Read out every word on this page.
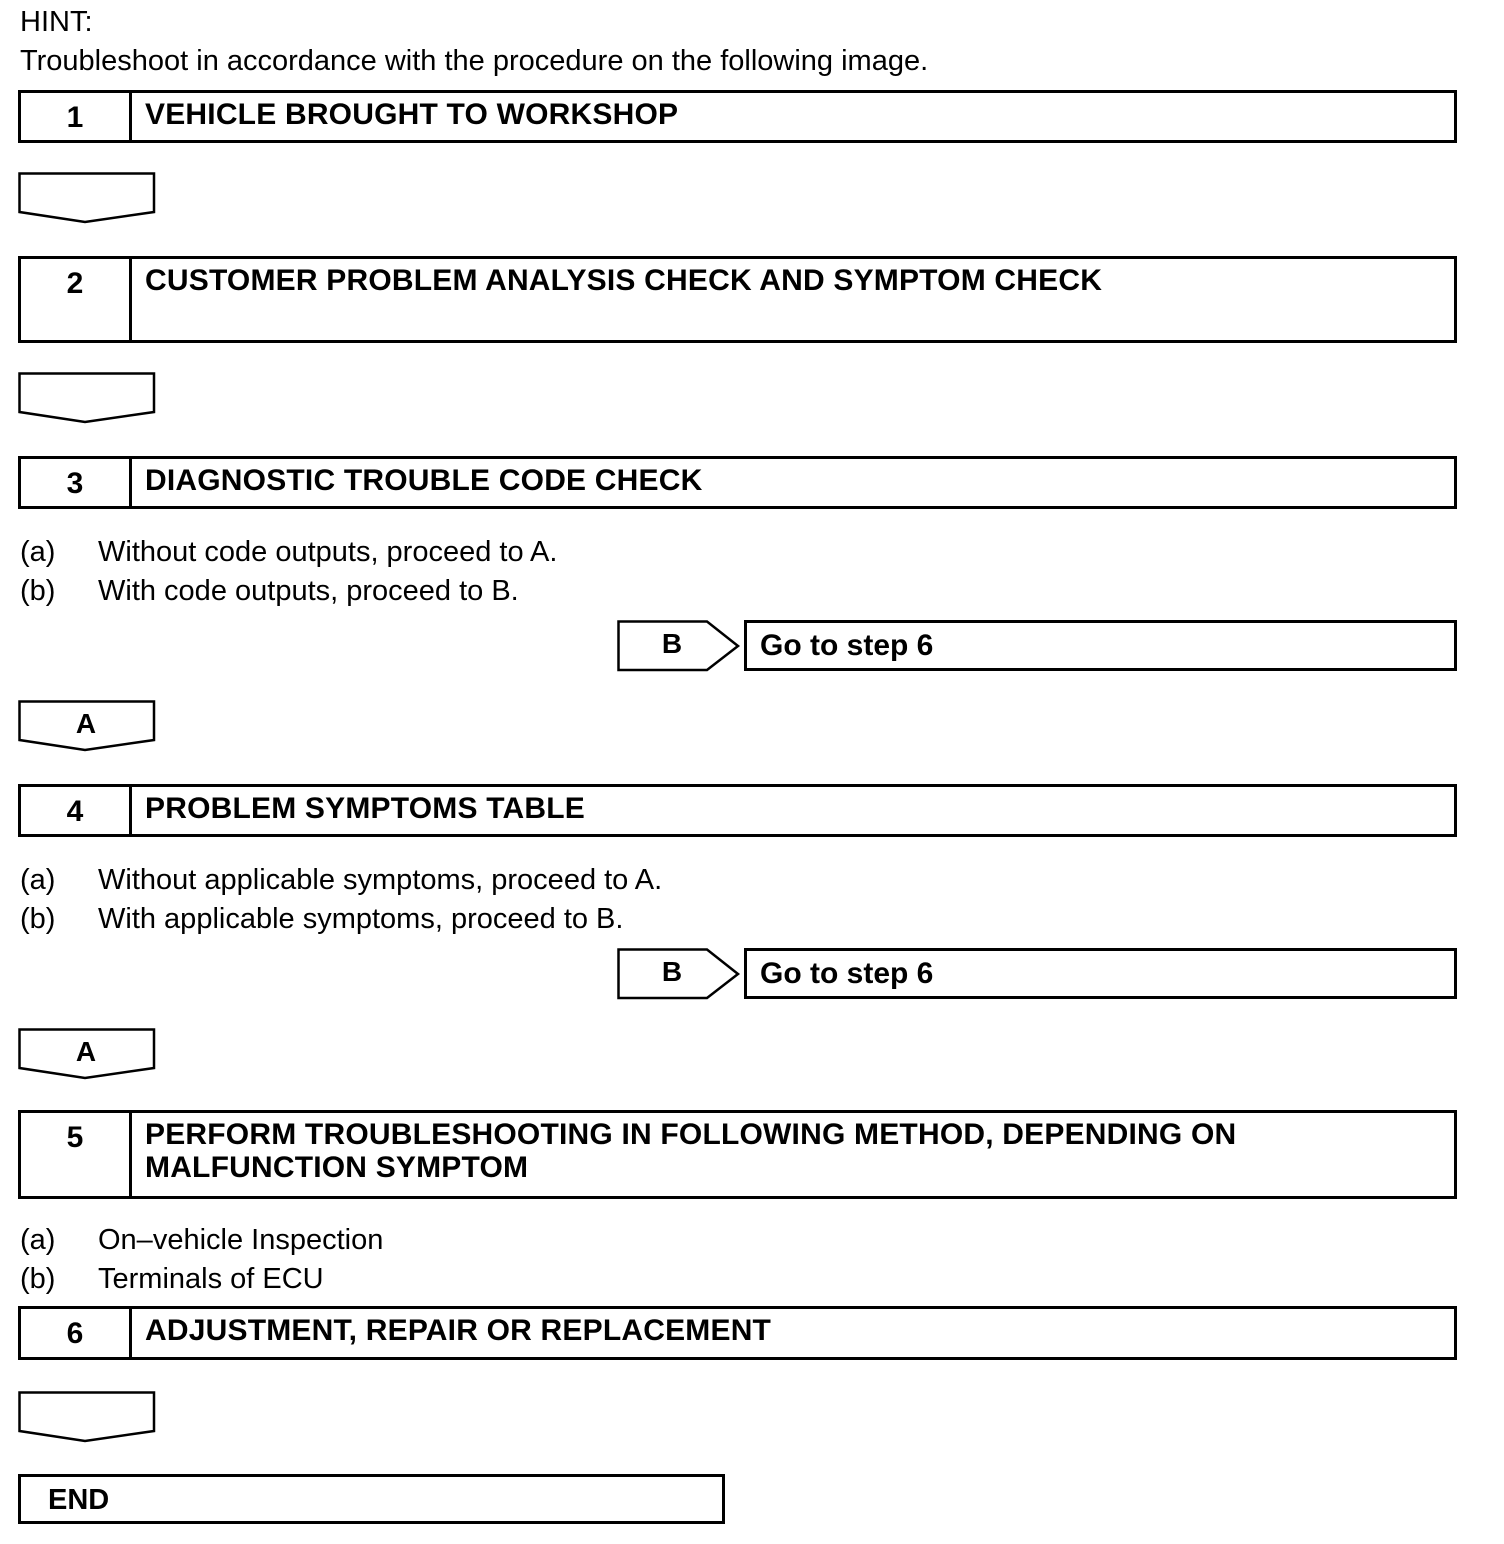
HINT:
Troubleshoot in accordance with the procedure on the following image.
1	VEHICLE BROUGHT TO WORKSHOP
2	CUSTOMER PROBLEM ANALYSIS CHECK AND SYMPTOM CHECK
3	DIAGNOSTIC TROUBLE CODE CHECK
(a) Without code outputs, proceed to A.
(b) With code outputs, proceed to B.
B	Go to step 6
A
4	PROBLEM SYMPTOMS TABLE
(a) Without applicable symptoms, proceed to A.
(b) With applicable symptoms, proceed to B.
B	Go to step 6
A
5	PERFORM TROUBLESHOOTING IN FOLLOWING METHOD, DEPENDING ON
MALFUNCTION SYMPTOM
(a) On–vehicle Inspection
(b) Terminals of ECU
6	ADJUSTMENT, REPAIR OR REPLACEMENT
END
